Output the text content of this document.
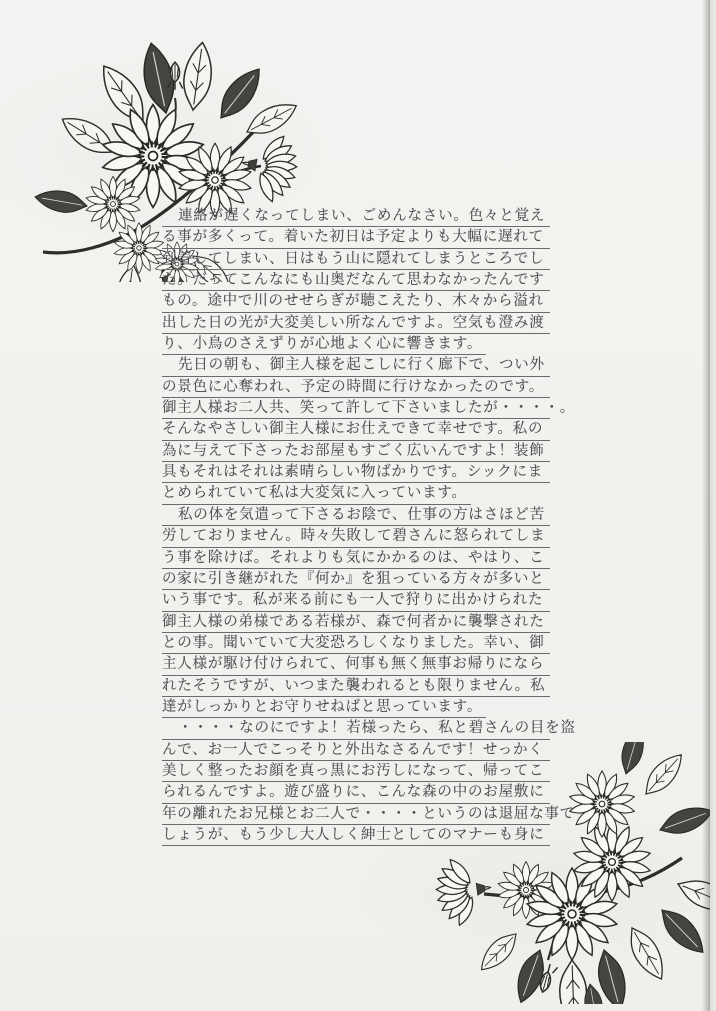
連絡が遅くなってしまい、ごめんなさい。色々と覚え
る事が多くって。着いた初日は予定よりも大幅に遅れて
到着してしまい、日はもう山に隠れてしまうところでし
た。だってこんなにも山奥だなんて思わなかったんです
もの。途中で川のせせらぎが聴こえたり、木々から溢れ
出した日の光が大変美しい所なんですよ。空気も澄み渡
り、小鳥のさえずりが心地よく心に響きます。
先日の朝も、御主人様を起こしに行く廊下で、つい外
の景色に心奪われ、予定の時間に行けなかったのです。
御主人様お二人共、笑って許して下さいましたが・・・・。
そんなやさしい御主人様にお仕えできて幸せです。私の
為に与えて下さったお部屋もすごく広いんですよ！装飾
具もそれはそれは素晴らしい物ばかりです。シックにま
とめられていて私は大変気に入っています。
私の体を気遣って下さるお陰で、仕事の方はさほど苦
労しておりません。時々失敗して碧さんに怒られてしま
う事を除けば。それよりも気にかかるのは、やはり、こ
の家に引き継がれた『何か』を狙っている方々が多いと
いう事です。私が来る前にも一人で狩りに出かけられた
御主人様の弟様である若様が、森で何者かに襲撃された
との事。聞いていて大変恐ろしくなりました。幸い、御
主人様が駆け付けられて、何事も無く無事お帰りになら
れたそうですが、いつまた襲われるとも限りません。私
達がしっかりとお守りせねばと思っています。
・・・・なのにですよ！若様ったら、私と碧さんの目を盗
んで、お一人でこっそりと外出なさるんです！せっかく
美しく整ったお顔を真っ黒にお汚しになって、帰ってこ
られるんですよ。遊び盛りに、こんな森の中のお屋敷に
年の離れたお兄様とお二人で・・・・というのは退屈な事で
しょうが、もう少し大人しく紳士としてのマナーも身に
